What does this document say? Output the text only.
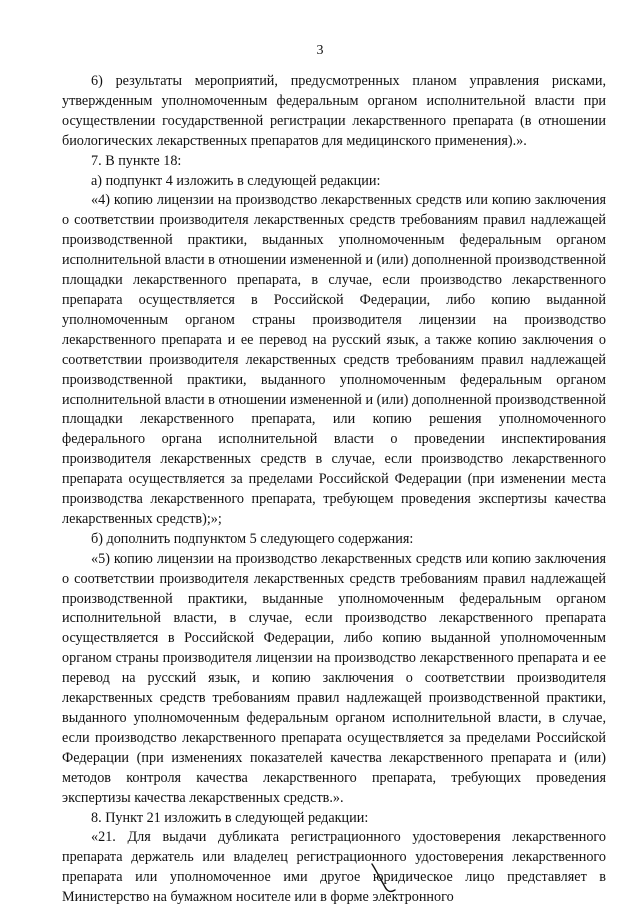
3

6) результаты мероприятий, предусмотренных планом управления рисками, утвержденным уполномоченным федеральным органом исполнительной власти при осуществлении государственной регистрации лекарственного препарата (в отношении биологических лекарственных препаратов для медицинского применения).».

7. В пункте 18:

а) подпункт 4 изложить в следующей редакции:

«4) копию лицензии на производство лекарственных средств или копию заключения о соответствии производителя лекарственных средств требованиям правил надлежащей производственной практики, выданных уполномоченным федеральным органом исполнительной власти в отношении измененной и (или) дополненной производственной площадки лекарственного препарата, в случае, если производство лекарственного препарата осуществляется в Российской Федерации, либо копию выданной уполномоченным органом страны производителя лицензии на производство лекарственного препарата и ее перевод на русский язык, а также копию заключения о соответствии производителя лекарственных средств требованиям правил надлежащей производственной практики, выданного уполномоченным федеральным органом исполнительной власти в отношении измененной и (или) дополненной производственной площадки лекарственного препарата, или копию решения уполномоченного федерального органа исполнительной власти о проведении инспектирования производителя лекарственных средств в случае, если производство лекарственного препарата осуществляется за пределами Российской Федерации (при изменении места производства лекарственного препарата, требующем проведения экспертизы качества лекарственных средств);»;

б) дополнить подпунктом 5 следующего содержания:

«5) копию лицензии на производство лекарственных средств или копию заключения о соответствии производителя лекарственных средств требованиям правил надлежащей производственной практики, выданные уполномоченным федеральным органом исполнительной власти, в случае, если производство лекарственного препарата осуществляется в Российской Федерации, либо копию выданной уполномоченным органом страны производителя лицензии на производство лекарственного препарата и ее перевод на русский язык, и копию заключения о соответствии производителя лекарственных средств требованиям правил надлежащей производственной практики, выданного уполномоченным федеральным органом исполнительной власти, в случае, если производство лекарственного препарата осуществляется за пределами Российской Федерации (при изменениях показателей качества лекарственного препарата и (или) методов контроля качества лекарственного препарата, требующих проведения экспертизы качества лекарственных средств.».

8. Пункт 21 изложить в следующей редакции:

«21. Для выдачи дубликата регистрационного удостоверения лекарственного препарата держатель или владелец регистрационного удостоверения лекарственного препарата или уполномоченное ими другое юридическое лицо представляет в Министерство на бумажном носителе или в форме электронного
